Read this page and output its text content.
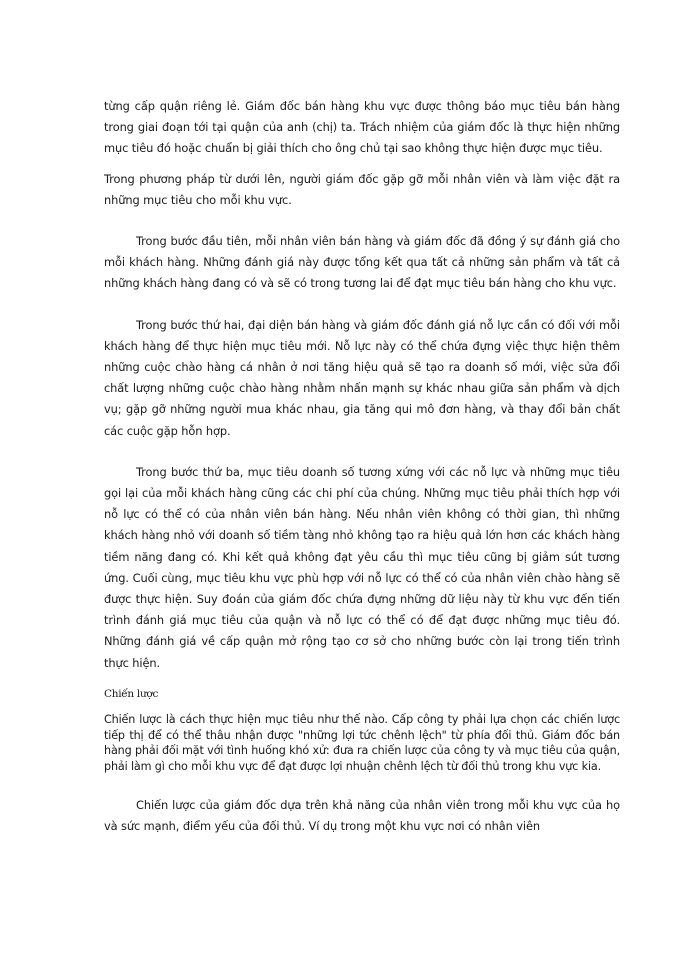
từng cấp quận riêng lẻ. Giám đốc bán hàng khu vực được thông báo mục tiêu bán hàng trong giai đoạn tới tại quận của anh (chị) ta. Trách nhiệm của giám đốc là thực hiện những mục tiêu đó hoặc chuẩn bị giải thích cho ông chủ tại sao không thực hiện được mục tiêu.

Trong phương pháp từ dưới lên, người giám đốc gặp gỡ mỗi nhân viên và làm việc đặt ra những mục tiêu cho mỗi khu vực.

Trong bước đầu tiên, mỗi nhân viên bán hàng và giám đốc đã đồng ý sự đánh giá cho mỗi khách hàng. Những đánh giá này được tổng kết qua tất cả những sản phẩm và tất cả những khách hàng đang có và sẽ có trong tương lai để đạt mục tiêu bán hàng cho khu vực.

Trong bước thứ hai, đại diện bán hàng và giám đốc đánh giá nỗ lực cần có đối với mỗi khách hàng để thực hiện mục tiêu mới. Nỗ lực này có thể chứa đựng việc thực hiện thêm những cuộc chào hàng cá nhân ở nơi tăng hiệu quả sẽ tạo ra doanh số mới, việc sửa đổi chất lượng những cuộc chào hàng nhằm nhấn mạnh sự khác nhau giữa sản phẩm và dịch vụ; gặp gỡ những người mua khác nhau, gia tăng qui mô đơn hàng, và thay đổi bản chất các cuộc gặp hỗn hợp.

Trong bước thứ ba, mục tiêu doanh số tương xứng với các nỗ lực và những mục tiêu gọi lại của mỗi khách hàng cũng các chi phí của chúng. Những mục tiêu phải thích hợp với nỗ lực có thể có của nhân viên bán hàng. Nếu nhân viên không có thời gian, thì những khách hàng nhỏ với doanh số tiềm tàng nhỏ không tạo ra hiệu quả lớn hơn các khách hàng tiềm năng đang có. Khi kết quả không đạt yêu cầu thì mục tiêu cũng bị giảm sút tương ứng. Cuối cùng, mục tiêu khu vực phù hợp với nỗ lực có thể có của nhân viên chào hàng sẽ được thực hiện. Suy đoán của giám đốc chứa đựng những dữ liệu này từ khu vực đến tiến trình đánh giá mục tiêu của quận và nỗ lực có thể có để đạt được những mục tiêu đó. Những đánh giá về cấp quận mở rộng tạo cơ sở cho những bước còn lại trong tiến trình thực hiện.

Chiến lược

Chiến lược là cách thực hiện mục tiêu như thế nào. Cấp công ty phải lựa chọn các chiến lược tiếp thị để có thể thâu nhận được "những lợi tức chênh lệch" từ phía đối thủ. Giám đốc bán hàng phải đối mặt với tình huống khó xử: đưa ra chiến lược của công ty và mục tiêu của quận, phải làm gì cho mỗi khu vực để đạt được lợi nhuận chênh lệch từ đối thủ trong khu vực kia.

Chiến lược của giám đốc dựa trên khả năng của nhân viên trong mỗi khu vực của họ và sức mạnh, điểm yếu của đối thủ. Ví dụ trong một khu vực nơi có nhân viên
